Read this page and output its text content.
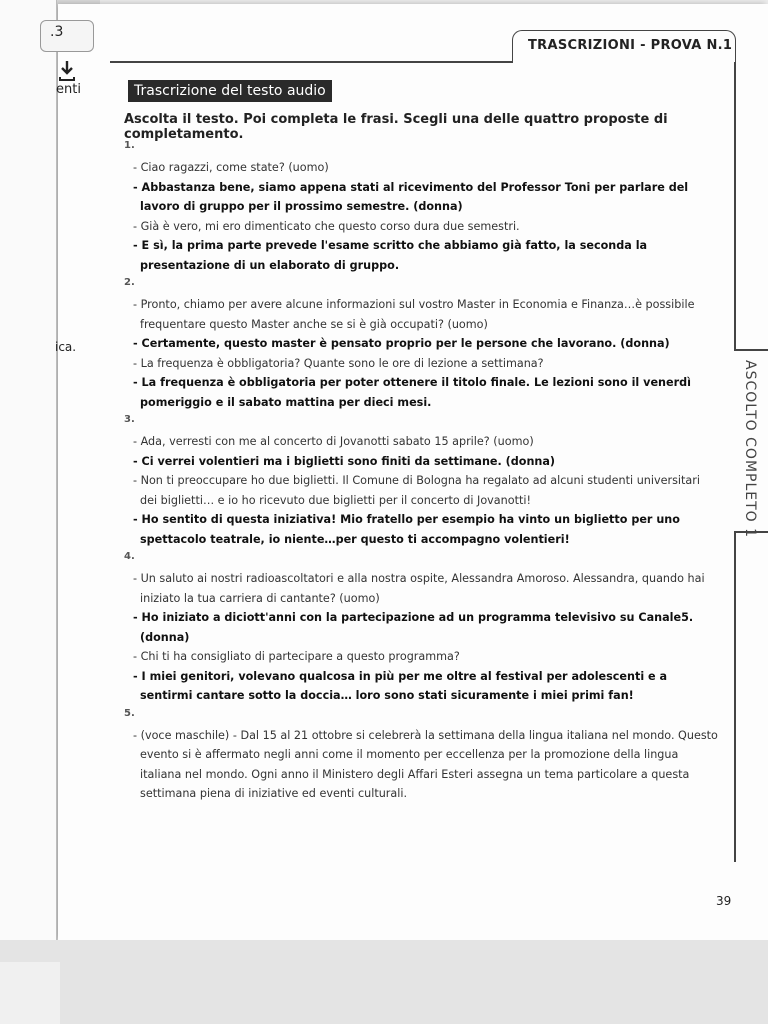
.3
enti
ica.
TRASCRIZIONI - PROVA N.1
ASCOLTO COMPLETO 1
Trascrizione del testo audio
Ascolta il testo. Poi completa le frasi. Scegli una delle quattro proposte di completamento.
1.
- Ciao ragazzi, come state? (uomo)
- Abbastanza bene, siamo appena stati al ricevimento del Professor Toni per parlare del lavoro di gruppo per il prossimo semestre. (donna)
- Già è vero, mi ero dimenticato che questo corso dura due semestri.
- E sì, la prima parte prevede l'esame scritto che abbiamo già fatto, la seconda la presentazione di un elaborato di gruppo.
2.
- Pronto, chiamo per avere alcune informazioni sul vostro Master in Economia e Finanza…è possibile frequentare questo Master anche se si è già occupati? (uomo)
- Certamente, questo master è pensato proprio per le persone che lavorano. (donna)
- La frequenza è obbligatoria? Quante sono le ore di lezione a settimana?
- La frequenza è obbligatoria per poter ottenere il titolo finale. Le lezioni sono il venerdì pomeriggio e il sabato mattina per dieci mesi.
3.
- Ada, verresti con me al concerto di Jovanotti sabato 15 aprile? (uomo)
- Ci verrei volentieri ma i biglietti sono finiti da settimane. (donna)
- Non ti preoccupare ho due biglietti. Il Comune di Bologna ha regalato ad alcuni studenti universitari dei biglietti… e io ho ricevuto due biglietti per il concerto di Jovanotti!
- Ho sentito di questa iniziativa! Mio fratello per esempio ha vinto un biglietto per uno spettacolo teatrale, io niente…per questo ti accompagno volentieri!
4.
- Un saluto ai nostri radioascoltatori e alla nostra ospite, Alessandra Amoroso. Alessandra, quando hai iniziato la tua carriera di cantante? (uomo)
- Ho iniziato a diciott'anni con la partecipazione ad un programma televisivo su Canale5. (donna)
- Chi ti ha consigliato di partecipare a questo programma?
- I miei genitori, volevano qualcosa in più per me oltre al festival per adolescenti e a sentirmi cantare sotto la doccia… loro sono stati sicuramente i miei primi fan!
5.
- (voce maschile) - Dal 15 al 21 ottobre si celebrerà la settimana della lingua italiana nel mondo. Questo evento si è affermato negli anni come il momento per eccellenza per la promozione della lingua italiana nel mondo. Ogni anno il Ministero degli Affari Esteri assegna un tema particolare a questa settimana piena di iniziative ed eventi culturali.
39
